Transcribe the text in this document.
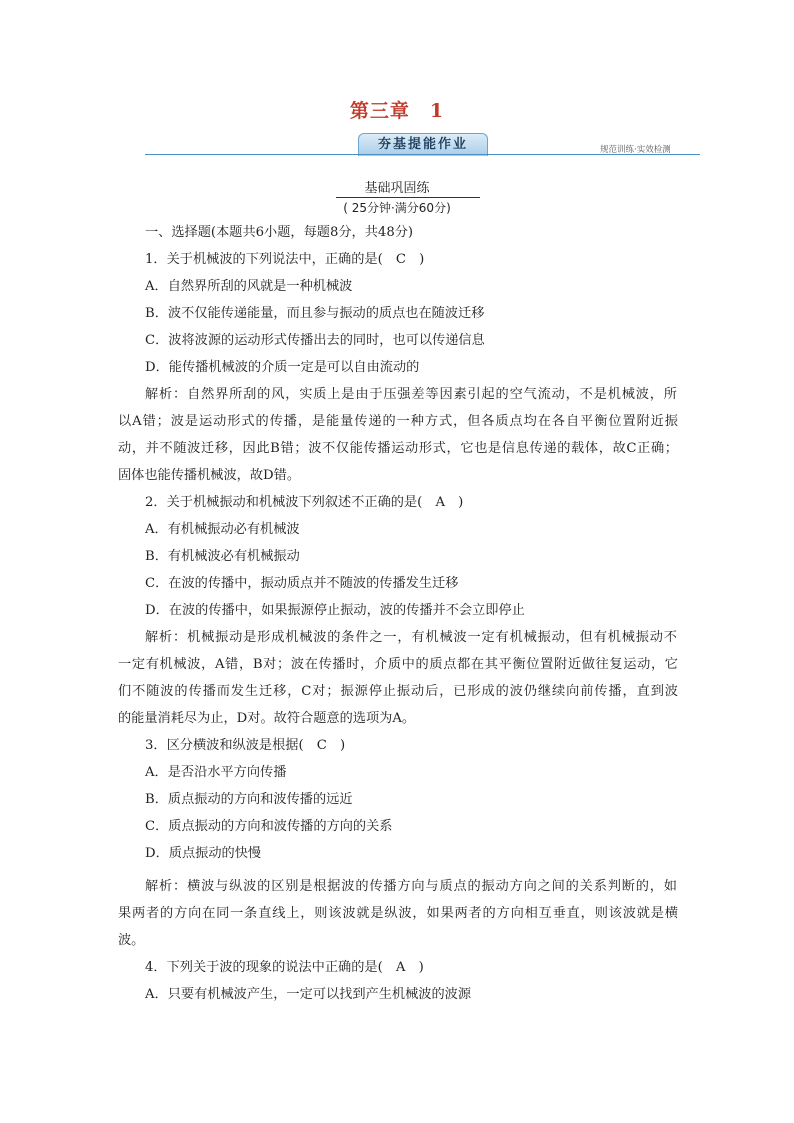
第三章　1
夯基提能作业	规范训练·实效检测
基础巩固练
( 25分钟·满分60分)
一、选择题(本题共6小题，每题8分，共48分)
1．关于机械波的下列说法中，正确的是(　C　)
A．自然界所刮的风就是一种机械波
B．波不仅能传递能量，而且参与振动的质点也在随波迁移
C．波将波源的运动形式传播出去的同时，也可以传递信息
D．能传播机械波的介质一定是可以自由流动的
解析：自然界所刮的风，实质上是由于压强差等因素引起的空气流动，不是机械波，所
以A错；波是运动形式的传播，是能量传递的一种方式，但各质点均在各自平衡位置附近振
动，并不随波迁移，因此B错；波不仅能传播运动形式，它也是信息传递的载体，故C正确；
固体也能传播机械波，故D错。
2．关于机械振动和机械波下列叙述不正确的是(　A　)
A．有机械振动必有机械波
B．有机械波必有机械振动
C．在波的传播中，振动质点并不随波的传播发生迁移
D．在波的传播中，如果振源停止振动，波的传播并不会立即停止
解析：机械振动是形成机械波的条件之一，有机械波一定有机械振动，但有机械振动不
一定有机械波，A错，B对；波在传播时，介质中的质点都在其平衡位置附近做往复运动，它
们不随波的传播而发生迁移，C对；振源停止振动后，已形成的波仍继续向前传播，直到波
的能量消耗尽为止，D对。故符合题意的选项为A。
3．区分横波和纵波是根据(　C　)
A．是否沿水平方向传播
B．质点振动的方向和波传播的远近
C．质点振动的方向和波传播的方向的关系
D．质点振动的快慢
解析：横波与纵波的区别是根据波的传播方向与质点的振动方向之间的关系判断的，如
果两者的方向在同一条直线上，则该波就是纵波，如果两者的方向相互垂直，则该波就是横
波。
4．下列关于波的现象的说法中正确的是(　A　)
A．只要有机械波产生，一定可以找到产生机械波的波源
